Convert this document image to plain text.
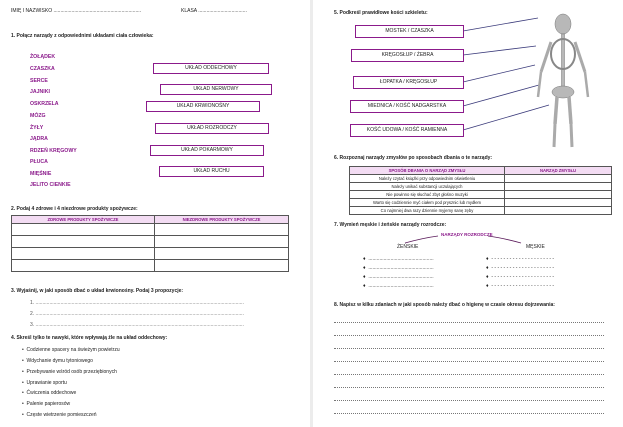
IMIĘ I NAZWISKO ...............................................................	KLASA ...................................
1. Połącz narządy z odpowiednimi układami ciała człowieka:
ŻOŁĄDEK
CZASZKA
SERCE
JAJNIKI
OSKRZELA
MÓZG
ŻYŁY
JĄDRA
RDZEŃ KRĘGOWY
PŁUCA
MIĘŚNIE
JELITO CIENKIE
UKŁAD ODDECHOWY
UKŁAD NERWOWY
UKŁAD KRWIONOŚNY
UKŁAD ROZRODCZY
UKŁAD POKARMOWY
UKŁAD RUCHU
2. Podaj 4 zdrowe i 4 niezdrowe produkty spożywcze:
ZDROWE PRODUKTY SPOŻYWCZE	NIEZDROWE PRODUKTY SPOŻYWCZE

3. Wyjaśnij, w jaki sposób dbać o układ krwionośny. Podaj 3 propozycje:
1. ......................................................................................................................................................
2. ......................................................................................................................................................
3. ......................................................................................................................................................
4. Skreśl tylko te nawyki, które wpływają źle na układ oddechowy:
•  Codzienne spacery na świeżym powietrzu
•  Wdychanie dymu tytoniowego
•  Przebywanie wśród osób przeziębionych
•  Uprawianie sportu
•  Ćwiczenia oddechowe
•  Palenie papierosów
•  Częste wietrzenie pomieszczeń
5. Podkreśl prawidłowe kości szkieletu:
MOSTEK / CZASZKA
KRĘGOSŁUP / ŻEBRA
ŁOPATKA / KRĘGOSŁUP
MIEDNICA / KOŚĆ NADGARSTKA
KOŚĆ UDOWA / KOŚĆ RAMIENNA
6. Rozpoznaj narządy zmysłów po sposobach dbania o te narządy:
SPOSÓB DBANIA O NARZĄD ZMYSŁU	NARZĄD ZMYSŁU
Należy czytać książki przy odpowiednim oświetleniu	
Należy unikać substancji uczulających	
Nie powinno się słuchać zbyt głośno muzyki	
Warto się codziennie myć ciałem pod prysznic lub mydłem	
Co najmniej dwa razy dziennie myjemy sanę zęby	
7. Wymień męskie i żeńskie narządy rozrodcze:
NARZĄDY ROZRODCZE
ŻEŃSKIE	MĘSKIE
♦  ...............................................
♦  ...............................................
♦  ...............................................
♦  ...............................................
♦  - - - - - - - - - - - - - - - - - - - - -
♦  - - - - - - - - - - - - - - - - - - - - -
♦  - - - - - - - - - - - - - - - - - - - - -
♦  - - - - - - - - - - - - - - - - - - - - -
8. Napisz w kilku zdaniach w jaki sposób należy dbać o higienę w czasie okresu dojrzewania:
